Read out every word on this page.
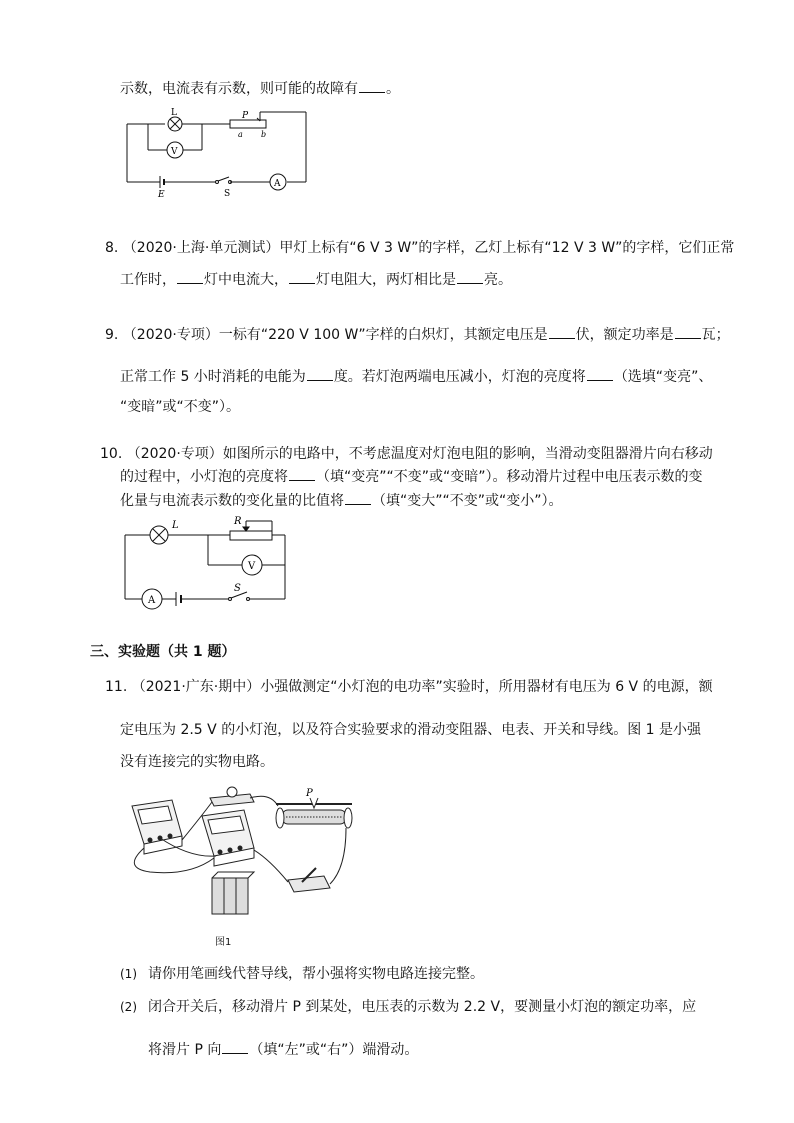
示数，电流表有示数，则可能的故障有 。
L	P
a b
V
A
S
E
8. （2020·上海·单元测试）甲灯上标有“6 V 3 W”的字样，乙灯上标有“12 V 3 W”的字样，它们正常
工作时， 灯中电流大， 灯电阻大，两灯相比是 亮。
9. （2020·专项）一标有“220 V 100 W”字样的白炽灯，其额定电压是 伏，额定功率是 瓦；
正常工作 5 小时消耗的电能为 度。若灯泡两端电压减小，灯泡的亮度将 （选填“变亮”、
“变暗”或“不变”）。
10. （2020·专项）如图所示的电路中，不考虑温度对灯泡电阻的影响，当滑动变阻器滑片向右移动
的过程中，小灯泡的亮度将 （填“变亮”“不变”或“变暗”）。移动滑片过程中电压表示数的变
化量与电流表示数的变化量的比值将 （填“变大”“不变”或“变小”）。
L	R
V
A
S
三、实验题（共 1 题）
11. （2021·广东·期中）小强做测定“小灯泡的电功率”实验时，所用器材有电压为 6 V 的电源，额
定电压为 2.5 V 的小灯泡，以及符合实验要求的滑动变阻器、电表、开关和导线。图 1 是小强
没有连接完的实物电路。
P
图1
(1) 请你用笔画线代替导线，帮小强将实物电路连接完整。
(2) 闭合开关后，移动滑片 P 到某处，电压表的示数为 2.2 V，要测量小灯泡的额定功率，应
将滑片 P 向 （填“左”或“右”）端滑动。
